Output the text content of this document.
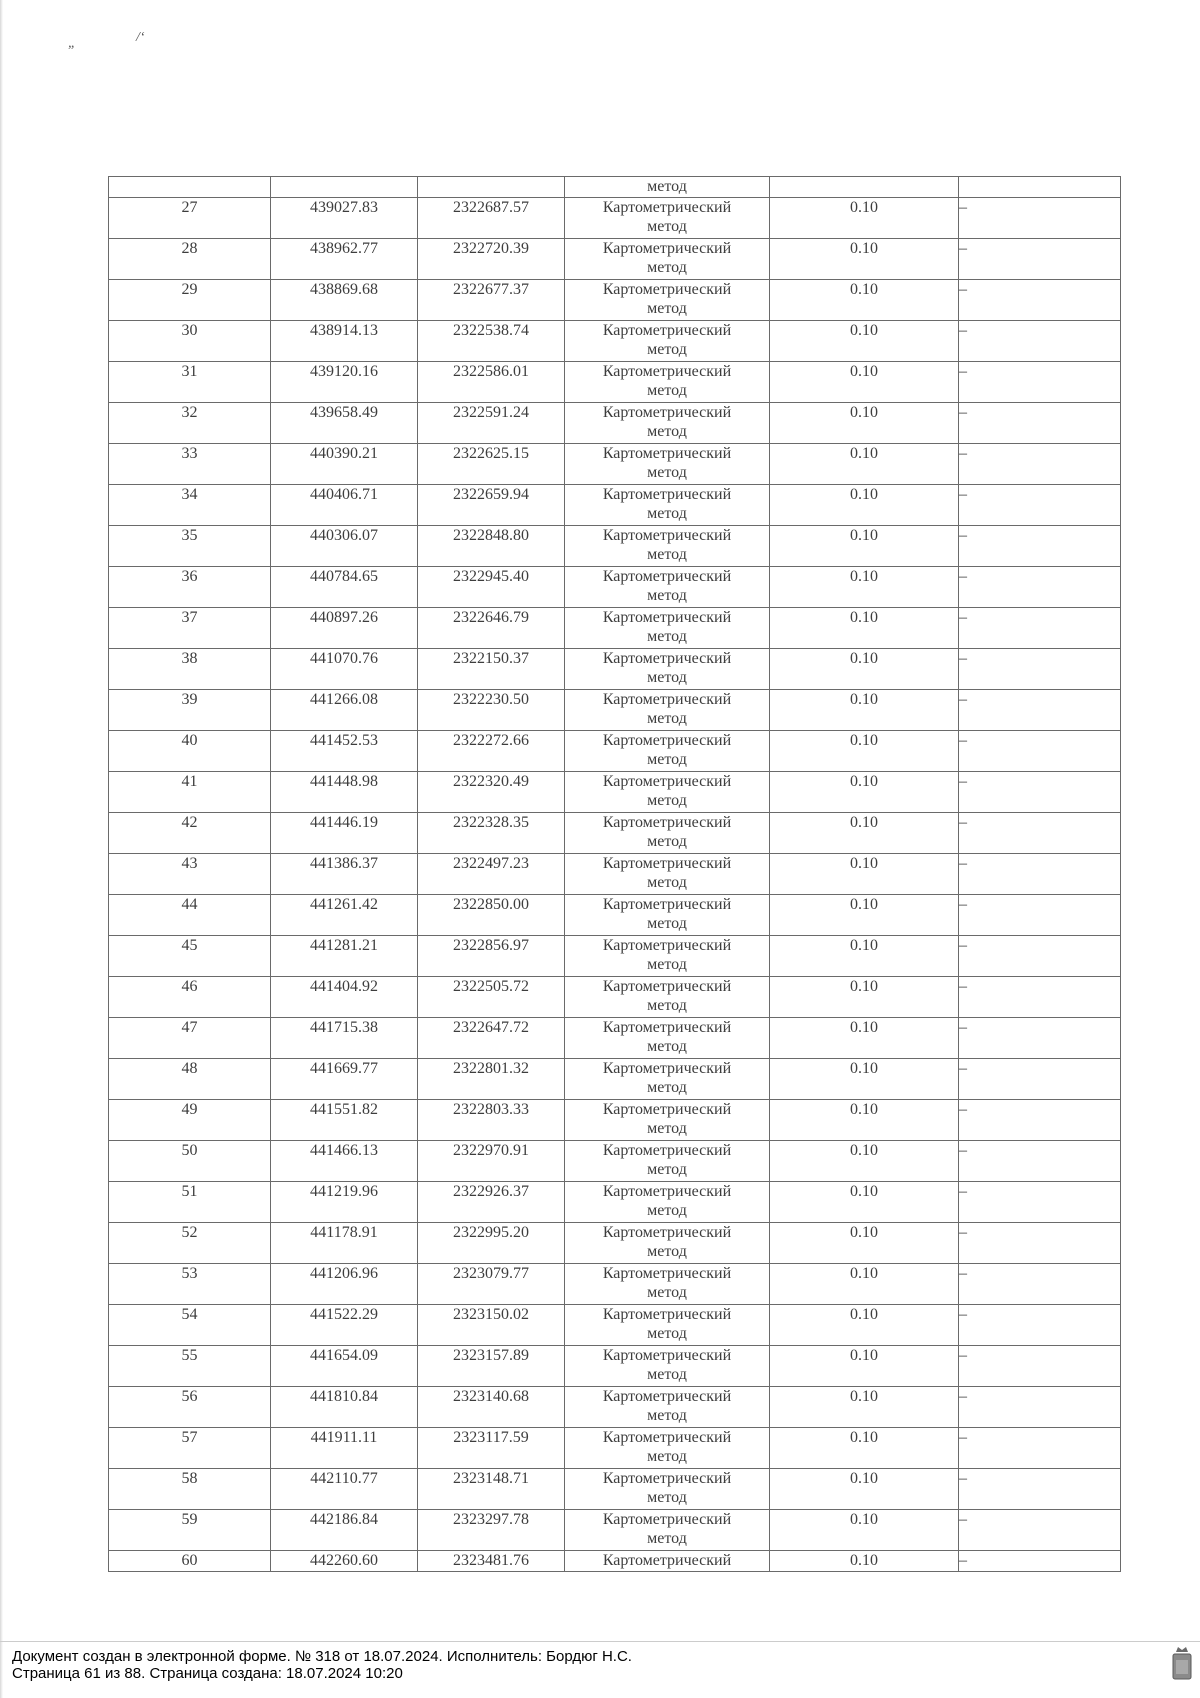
„	/‘
			метод		
27	439027.83	2322687.57	Картометрический
метод	0.10	–
28	438962.77	2322720.39	Картометрический
метод	0.10	–
29	438869.68	2322677.37	Картометрический
метод	0.10	–
30	438914.13	2322538.74	Картометрический
метод	0.10	–
31	439120.16	2322586.01	Картометрический
метод	0.10	–
32	439658.49	2322591.24	Картометрический
метод	0.10	–
33	440390.21	2322625.15	Картометрический
метод	0.10	–
34	440406.71	2322659.94	Картометрический
метод	0.10	–
35	440306.07	2322848.80	Картометрический
метод	0.10	–
36	440784.65	2322945.40	Картометрический
метод	0.10	–
37	440897.26	2322646.79	Картометрический
метод	0.10	–
38	441070.76	2322150.37	Картометрический
метод	0.10	–
39	441266.08	2322230.50	Картометрический
метод	0.10	–
40	441452.53	2322272.66	Картометрический
метод	0.10	–
41	441448.98	2322320.49	Картометрический
метод	0.10	–
42	441446.19	2322328.35	Картометрический
метод	0.10	–
43	441386.37	2322497.23	Картометрический
метод	0.10	–
44	441261.42	2322850.00	Картометрический
метод	0.10	–
45	441281.21	2322856.97	Картометрический
метод	0.10	–
46	441404.92	2322505.72	Картометрический
метод	0.10	–
47	441715.38	2322647.72	Картометрический
метод	0.10	–
48	441669.77	2322801.32	Картометрический
метод	0.10	–
49	441551.82	2322803.33	Картометрический
метод	0.10	–
50	441466.13	2322970.91	Картометрический
метод	0.10	–
51	441219.96	2322926.37	Картометрический
метод	0.10	–
52	441178.91	2322995.20	Картометрический
метод	0.10	–
53	441206.96	2323079.77	Картометрический
метод	0.10	–
54	441522.29	2323150.02	Картометрический
метод	0.10	–
55	441654.09	2323157.89	Картометрический
метод	0.10	–
56	441810.84	2323140.68	Картометрический
метод	0.10	–
57	441911.11	2323117.59	Картометрический
метод	0.10	–
58	442110.77	2323148.71	Картометрический
метод	0.10	–
59	442186.84	2323297.78	Картометрический
метод	0.10	–
60	442260.60	2323481.76	Картометрический	0.10	–
Документ создан в электронной форме. № 318 от 18.07.2024. Исполнитель: Бордюг Н.С.
Страница 61 из 88. Страница создана: 18.07.2024 10:20
